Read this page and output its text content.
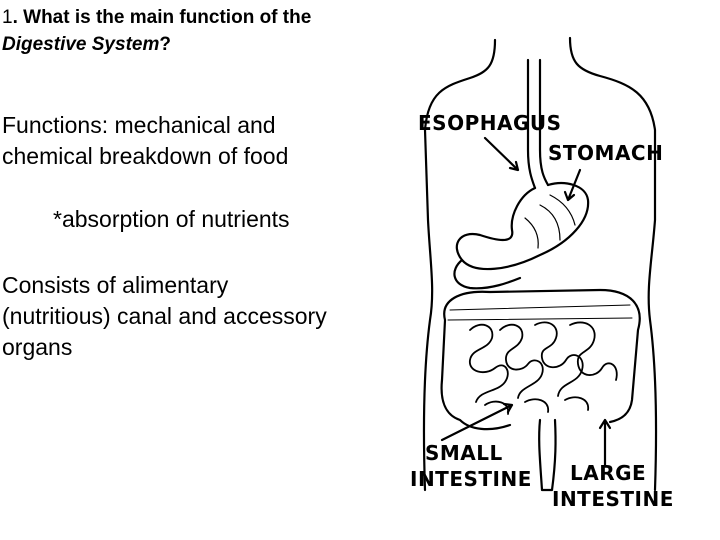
1. What is the main function of the
Digestive System?
Functions: mechanical and
chemical breakdown of food
*absorption of nutrients
Consists of alimentary
(nutritious) canal and accessory
organs
ESOPHAGUS
STOMACH
SMALL
INTESTINE LARGE
INTESTINE
